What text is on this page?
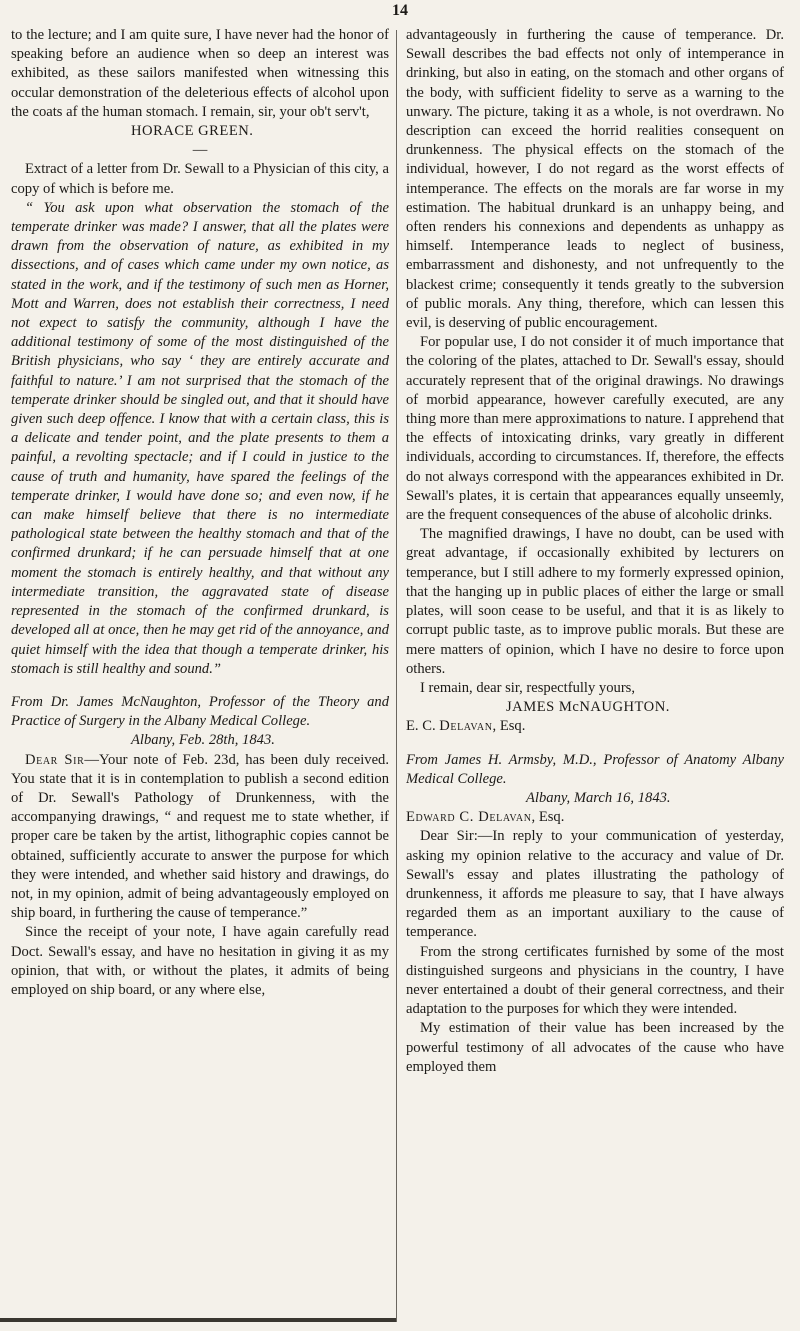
14

to the lecture; and I am quite sure, I have never had the honor of speaking before an audience when so deep an interest was exhibited, as these sailors manifested when witnessing this occular demonstration of the deleterious effects of alcohol upon the coats af the human stomach. I remain, sir, your ob't serv't,

HORACE GREEN.

—

Extract of a letter from Dr. Sewall to a Physician of this city, a copy of which is before me.

“ You ask upon what observation the stomach of the temperate drinker was made? I answer, that all the plates were drawn from the observation of nature, as exhibited in my dissections, and of cases which came under my own notice, as stated in the work, and if the testimony of such men as Horner, Mott and Warren, does not establish their correctness, I need not expect to satisfy the community, although I have the additional testimony of some of the most distinguished of the British physicians, who say ‘ they are entirely accurate and faithful to nature.’ I am not surprised that the stomach of the temperate drinker should be singled out, and that it should have given such deep offence. I know that with a certain class, this is a delicate and tender point, and the plate presents to them a painful, a revolting spectacle; and if I could in justice to the cause of truth and humanity, have spared the feelings of the temperate drinker, I would have done so; and even now, if he can make himself believe that there is no intermediate pathological state between the healthy stomach and that of the confirmed drunkard; if he can persuade himself that at one moment the stomach is entirely healthy, and that without any intermediate transition, the aggravated state of disease represented in the stomach of the confirmed drunkard, is developed all at once, then he may get rid of the annoyance, and quiet himself with the idea that though a temperate drinker, his stomach is still healthy and sound.”

From Dr. James McNaughton, Professor of the Theory and Practice of Surgery in the Albany Medical College.

Albany, Feb. 28th, 1843.

Dear Sir—Your note of Feb. 23d, has been duly received. You state that it is in contemplation to publish a second edition of Dr. Sewall's Pathology of Drunkenness, with the accompanying drawings, “ and request me to state whether, if proper care be taken by the artist, lithographic copies cannot be obtained, sufficiently accurate to answer the purpose for which they were intended, and whether said history and drawings, do not, in my opinion, admit of being advantageously employed on ship board, in furthering the cause of temperance.”

Since the receipt of your note, I have again carefully read Doct. Sewall's essay, and have no hesitation in giving it as my opinion, that with, or without the plates, it admits of being employed on ship board, or any where else,

advantageously in furthering the cause of temperance. Dr. Sewall describes the bad effects not only of intemperance in drinking, but also in eating, on the stomach and other organs of the body, with sufficient fidelity to serve as a warning to the unwary. The picture, taking it as a whole, is not overdrawn. No description can exceed the horrid realities consequent on drunkenness. The physical effects on the stomach of the individual, however, I do not regard as the worst effects of intemperance. The effects on the morals are far worse in my estimation. The habitual drunkard is an unhappy being, and often renders his connexions and dependents as unhappy as himself. Intemperance leads to neglect of business, embarrassment and dishonesty, and not unfrequently to the blackest crime; consequently it tends greatly to the subversion of public morals. Any thing, therefore, which can lessen this evil, is deserving of public encouragement.

For popular use, I do not consider it of much importance that the coloring of the plates, attached to Dr. Sewall's essay, should accurately represent that of the original drawings. No drawings of morbid appearance, however carefully executed, are any thing more than mere approximations to nature. I apprehend that the effects of intoxicating drinks, vary greatly in different individuals, according to circumstances. If, therefore, the effects do not always correspond with the appearances exhibited in Dr. Sewall's plates, it is certain that appearances equally unseemly, are the frequent consequences of the abuse of alcoholic drinks.

The magnified drawings, I have no doubt, can be used with great advantage, if occasionally exhibited by lecturers on temperance, but I still adhere to my formerly expressed opinion, that the hanging up in public places of either the large or small plates, will soon cease to be useful, and that it is as likely to corrupt public taste, as to improve public morals. But these are mere matters of opinion, which I have no desire to force upon others.

I remain, dear sir, respectfully yours,

JAMES McNAUGHTON.

E. C. Delavan, Esq.

From James H. Armsby, M.D., Professor of Anatomy Albany Medical College.

Albany, March 16, 1843.

Edward C. Delavan, Esq.

Dear Sir:—In reply to your communication of yesterday, asking my opinion relative to the accuracy and value of Dr. Sewall's essay and plates illustrating the pathology of drunkenness, it affords me pleasure to say, that I have always regarded them as an important auxiliary to the cause of temperance.

From the strong certificates furnished by some of the most distinguished surgeons and physicians in the country, I have never entertained a doubt of their general correctness, and their adaptation to the purposes for which they were intended.

My estimation of their value has been increased by the powerful testimony of all advocates of the cause who have employed them
